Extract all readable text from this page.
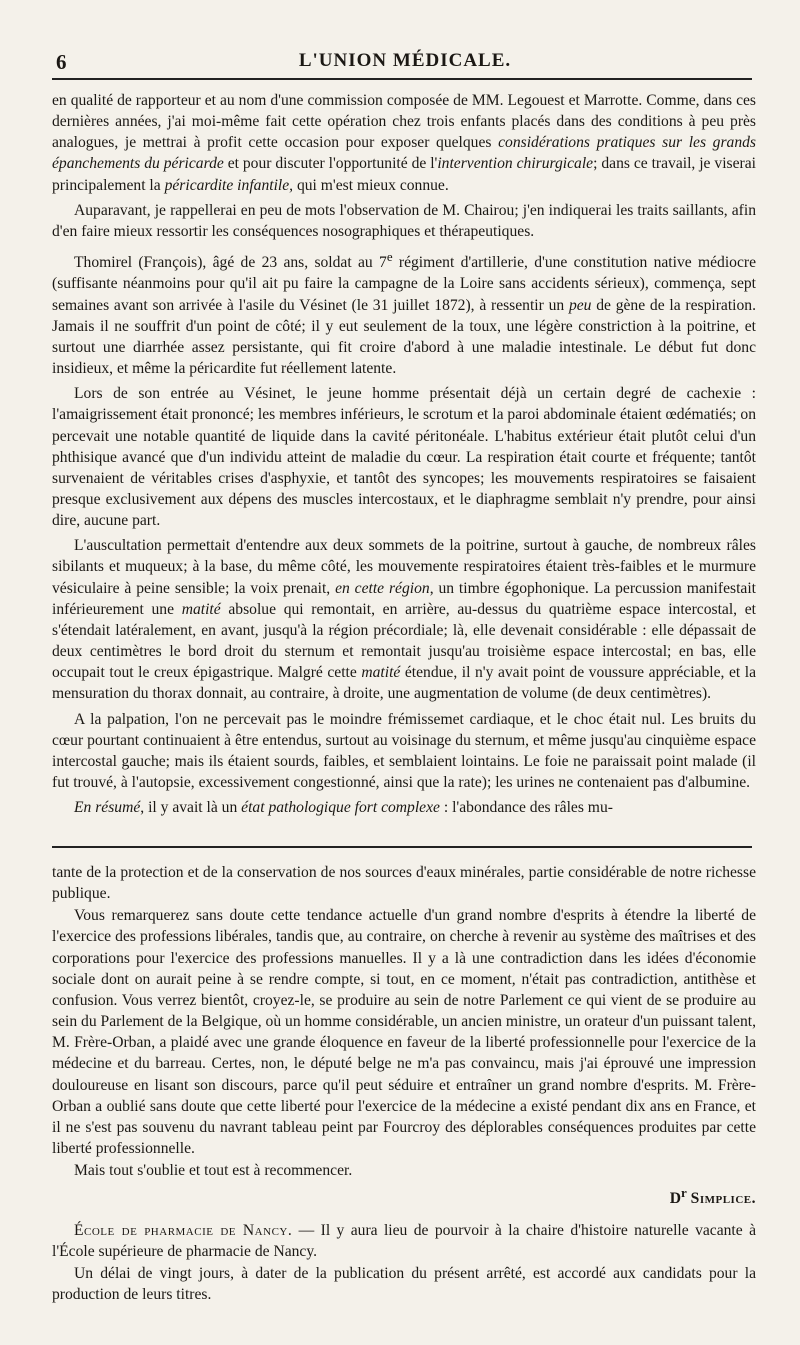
6	L'UNION MÉDICALE.

en qualité de rapporteur et au nom d'une commission composée de MM. Legouest et Marrotte. Comme, dans ces dernières années, j'ai moi-même fait cette opération chez trois enfants placés dans des conditions à peu près analogues, je mettrai à profit cette occasion pour exposer quelques considérations pratiques sur les grands épanchements du péricarde et pour discuter l'opportunité de l'intervention chirurgicale; dans ce travail, je viserai principalement la péricardite infantile, qui m'est mieux connue.

Auparavant, je rappellerai en peu de mots l'observation de M. Chairou; j'en indiquerai les traits saillants, afin d'en faire mieux ressortir les conséquences nosographiques et thérapeutiques.

Thomirel (François), âgé de 23 ans, soldat au 7e régiment d'artillerie, d'une constitution native médiocre (suffisante néanmoins pour qu'il ait pu faire la campagne de la Loire sans accidents sérieux), commença, sept semaines avant son arrivée à l'asile du Vésinet (le 31 juillet 1872), à ressentir un peu de gène de la respiration. Jamais il ne souffrit d'un point de côté; il y eut seulement de la toux, une légère constriction à la poitrine, et surtout une diarrhée assez persistante, qui fit croire d'abord à une maladie intestinale. Le début fut donc insidieux, et même la péricardite fut réellement latente.

Lors de son entrée au Vésinet, le jeune homme présentait déjà un certain degré de cachexie : l'amaigrissement était prononcé; les membres inférieurs, le scrotum et la paroi abdominale étaient œdématiés; on percevait une notable quantité de liquide dans la cavité péritonéale. L'habitus extérieur était plutôt celui d'un phthisique avancé que d'un individu atteint de maladie du cœur. La respiration était courte et fréquente; tantôt survenaient de véritables crises d'asphyxie, et tantôt des syncopes; les mouvements respiratoires se faisaient presque exclusivement aux dépens des muscles intercostaux, et le diaphragme semblait n'y prendre, pour ainsi dire, aucune part.

L'auscultation permettait d'entendre aux deux sommets de la poitrine, surtout à gauche, de nombreux râles sibilants et muqueux; à la base, du même côté, les mouvemente respiratoires étaient très-faibles et le murmure vésiculaire à peine sensible; la voix prenait, en cette région, un timbre égophonique. La percussion manifestait inférieurement une matité absolue qui remontait, en arrière, au-dessus du quatrième espace intercostal, et s'étendait latéralement, en avant, jusqu'à la région précordiale; là, elle devenait considérable : elle dépassait de deux centimètres le bord droit du sternum et remontait jusqu'au troisième espace intercostal; en bas, elle occupait tout le creux épigastrique. Malgré cette matité étendue, il n'y avait point de voussure appréciable, et la mensuration du thorax donnait, au contraire, à droite, une augmentation de volume (de deux centimètres).

A la palpation, l'on ne percevait pas le moindre frémissemet cardiaque, et le choc était nul. Les bruits du cœur pourtant continuaient à être entendus, surtout au voisinage du sternum, et même jusqu'au cinquième espace intercostal gauche; mais ils étaient sourds, faibles, et semblaient lointains. Le foie ne paraissait point malade (il fut trouvé, à l'autopsie, excessivement congestionné, ainsi que la rate); les urines ne contenaient pas d'albumine.

En résumé, il y avait là un état pathologique fort complexe : l'abondance des râles mu-

tante de la protection et de la conservation de nos sources d'eaux minérales, partie considérable de notre richesse publique.

Vous remarquerez sans doute cette tendance actuelle d'un grand nombre d'esprits à étendre la liberté de l'exercice des professions libérales, tandis que, au contraire, on cherche à revenir au système des maîtrises et des corporations pour l'exercice des professions manuelles. Il y a là une contradiction dans les idées d'économie sociale dont on aurait peine à se rendre compte, si tout, en ce moment, n'était pas contradiction, antithèse et confusion. Vous verrez bientôt, croyez-le, se produire au sein de notre Parlement ce qui vient de se produire au sein du Parlement de la Belgique, où un homme considérable, un ancien ministre, un orateur d'un puissant talent, M. Frère-Orban, a plaidé avec une grande éloquence en faveur de la liberté professionnelle pour l'exercice de la médecine et du barreau. Certes, non, le député belge ne m'a pas convaincu, mais j'ai éprouvé une impression douloureuse en lisant son discours, parce qu'il peut séduire et entraîner un grand nombre d'esprits. M. Frère-Orban a oublié sans doute que cette liberté pour l'exercice de la médecine a existé pendant dix ans en France, et il ne s'est pas souvenu du navrant tableau peint par Fourcroy des déplorables conséquences produites par cette liberté professionnelle.

Mais tout s'oublie et tout est à recommencer.

$D^r$ Simplice.

École de pharmacie de Nancy. — Il y aura lieu de pourvoir à la chaire d'histoire naturelle vacante à l'École supérieure de pharmacie de Nancy.

Un délai de vingt jours, à dater de la publication du présent arrêté, est accordé aux candidats pour la production de leurs titres.
